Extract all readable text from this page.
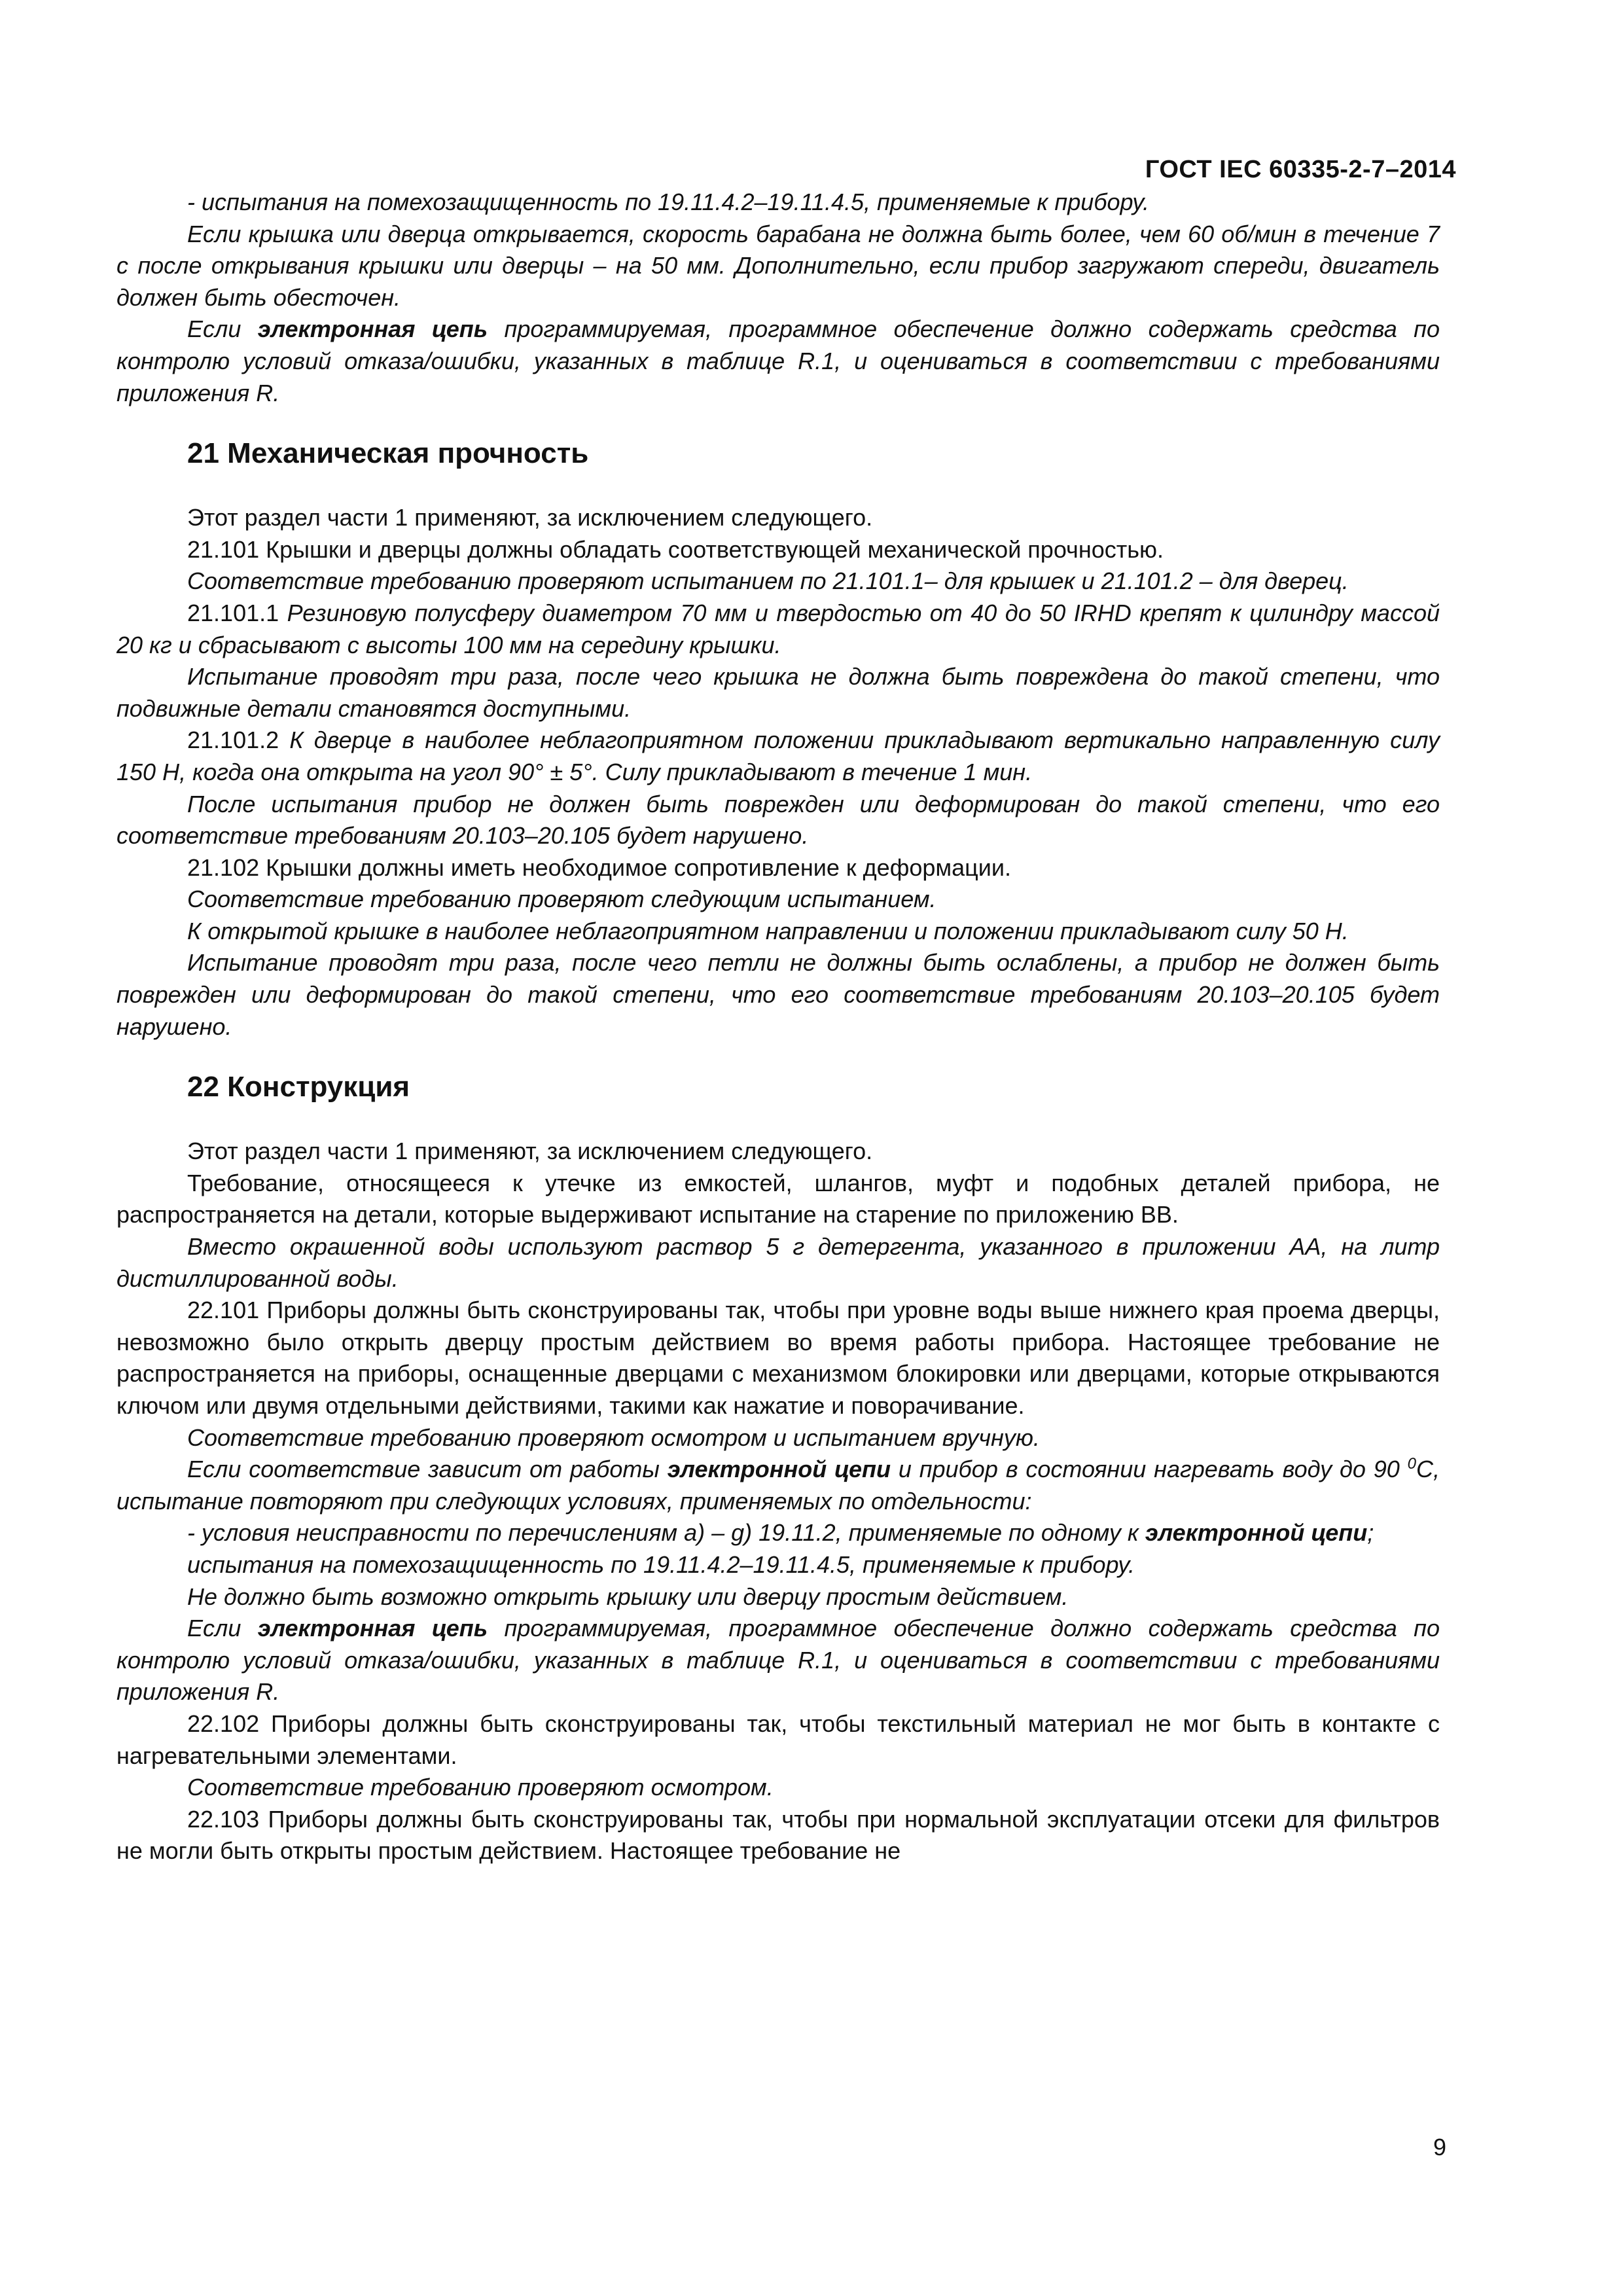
ГОСТ IEC 60335-2-7–2014

- испытания на помехозащищенность по 19.11.4.2–19.11.4.5, применяемые к прибору.

Если крышка или дверца открывается, скорость барабана не должна быть более, чем 60 об/мин в течение 7 с после открывания крышки или дверцы – на 50 мм. Дополнительно, если прибор загружают спереди, двигатель должен быть обесточен.

Если электронная цепь программируемая, программное обеспечение должно содержать средства по контролю условий отказа/ошибки, указанных в таблице R.1, и оцениваться в соответствии с требованиями приложения R.

21 Механическая прочность

Этот раздел части 1 применяют, за исключением следующего.

21.101 Крышки и дверцы должны обладать соответствующей механической прочностью.

Соответствие требованию проверяют испытанием по 21.101.1– для крышек и 21.101.2 – для дверец.

21.101.1 Резиновую полусферу диаметром 70 мм и твердостью от 40 до 50 IRHD крепят к цилиндру массой 20 кг и сбрасывают с высоты 100 мм на середину крышки.

Испытание проводят три раза, после чего крышка не должна быть повреждена до такой степени, что подвижные детали становятся доступными.

21.101.2 К дверце в наиболее неблагоприятном положении прикладывают вертикально направленную силу 150 Н, когда она открыта на угол 90° ± 5°. Силу прикладывают в течение 1 мин.

После испытания прибор не должен быть поврежден или деформирован до такой степени, что его соответствие требованиям 20.103–20.105 будет нарушено.

21.102 Крышки должны иметь необходимое сопротивление к деформации.

Соответствие требованию проверяют следующим испытанием.

К открытой крышке в наиболее неблагоприятном направлении и положении прикладывают силу 50 Н.

Испытание проводят три раза, после чего петли не должны быть ослаблены, а прибор не должен быть поврежден или деформирован до такой степени, что его соответствие требованиям 20.103–20.105 будет нарушено.

22 Конструкция

Этот раздел части 1 применяют, за исключением следующего.

Требование, относящееся к утечке из емкостей, шлангов, муфт и подобных деталей прибора, не распространяется на детали, которые выдерживают испытание на старение по приложению ВВ.

Вместо окрашенной воды используют раствор 5 г детергента, указанного в приложении АА, на литр дистиллированной воды.

22.101 Приборы должны быть сконструированы так, чтобы при уровне воды выше нижнего края проема дверцы, невозможно было открыть дверцу простым действием во время работы прибора. Настоящее требование не распространяется на приборы, оснащенные дверцами с механизмом блокировки или дверцами, которые открываются ключом или двумя отдельными действиями, такими как нажатие и поворачивание.

Соответствие требованию проверяют осмотром и испытанием вручную.

Если соответствие зависит от работы электронной цепи и прибор в состоянии нагревать воду до 90 $^0$С, испытание повторяют при следующих условиях, применяемых по отдельности:

- условия неисправности по перечислениям a) – g) 19.11.2, применяемые по одному к электронной цепи;

испытания на помехозащищенность по 19.11.4.2–19.11.4.5, применяемые к прибору.

Не должно быть возможно открыть крышку или дверцу простым действием.

Если электронная цепь программируемая, программное обеспечение должно содержать средства по контролю условий отказа/ошибки, указанных в таблице R.1, и оцениваться в соответствии с требованиями приложения R.

22.102 Приборы должны быть сконструированы так, чтобы текстильный материал не мог быть в контакте с нагревательными элементами.

Соответствие требованию проверяют осмотром.

22.103 Приборы должны быть сконструированы так, чтобы при нормальной эксплуатации отсеки для фильтров не могли быть открыты простым действием. Настоящее требование не

9
